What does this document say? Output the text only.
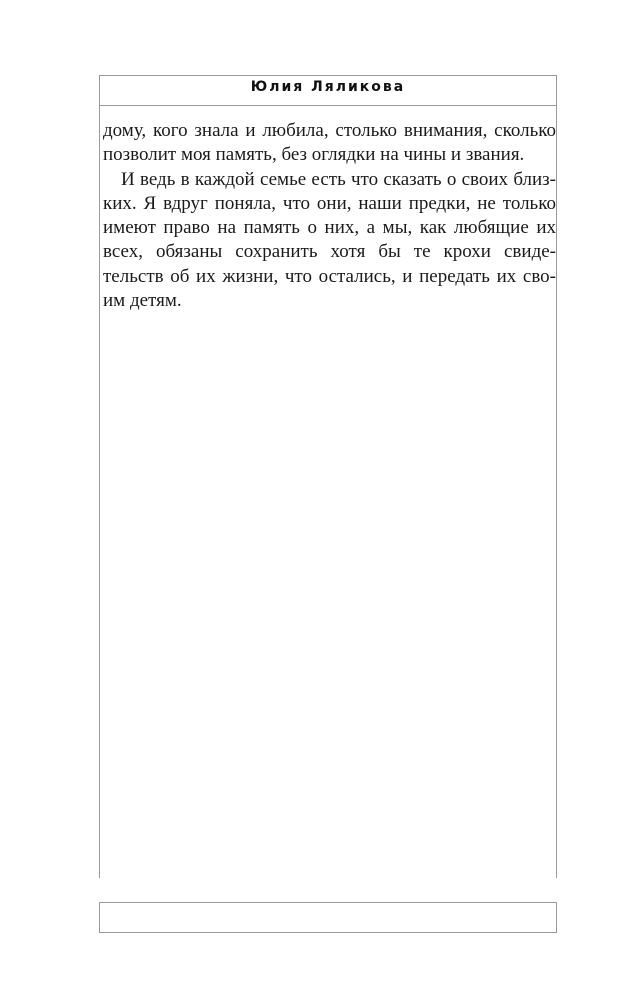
Юлия Ляликова
дому, кого знала и любила, столько внимания, сколько
позволит моя память, без оглядки на чины и звания.
И ведь в каждой семье есть что сказать о своих близ-
ких. Я вдруг поняла, что они, наши предки, не только
имеют право на память о них, а мы, как любящие их
всех, обязаны сохранить хотя бы те крохи свиде-
тельств об их жизни, что остались, и передать их сво-
им детям.
